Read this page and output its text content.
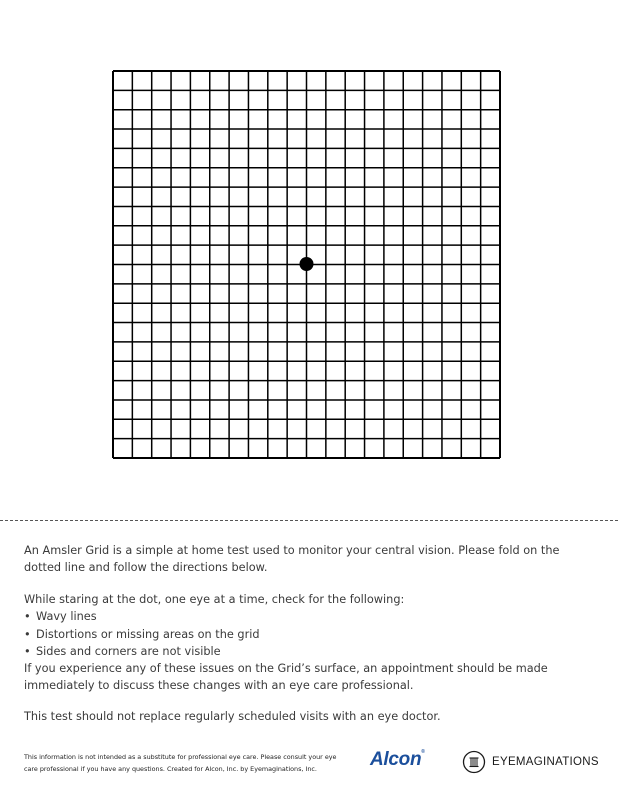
An Amsler Grid is a simple at home test used to monitor your central vision. Please fold on the dotted line and follow the directions below.
While staring at the dot, one eye at a time, check for the following:
• Wavy lines
• Distortions or missing areas on the grid
• Sides and corners are not visible
If you experience any of these issues on the Grid’s surface, an appointment should be made immediately to discuss these changes with an eye care professional.
This test should not replace regularly scheduled visits with an eye doctor.
This information is not intended as a substitute for professional eye care. Please consult your eye care professional if you have any questions. Created for Alcon, Inc. by Eyemaginations, Inc.	Alcon®
EYEMAGINATIONS
